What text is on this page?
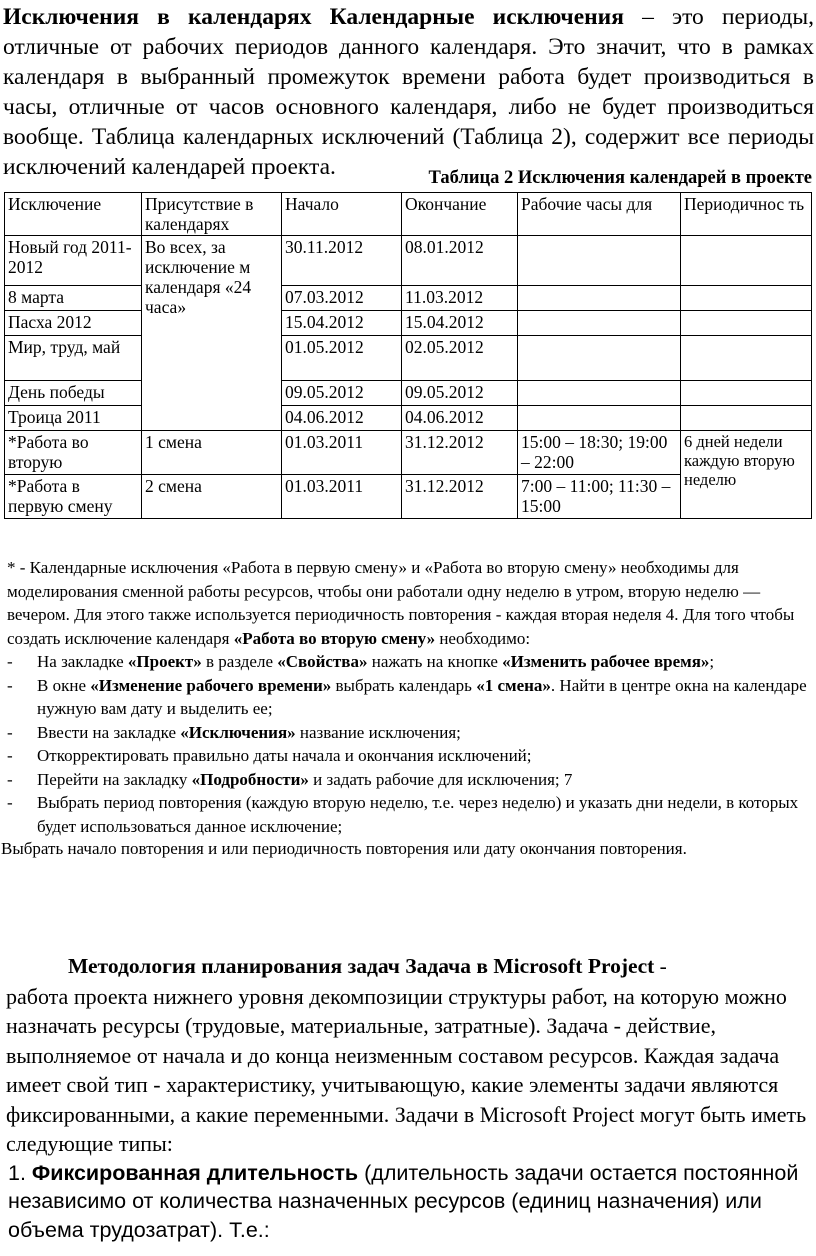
Исключения в календарях Календарные исключения – это периоды, отличные от рабочих периодов данного календаря. Это значит, что в рамках календаря в выбранный промежуток времени работа будет производиться в часы, отличные от часов основного календаря, либо не будет производиться вообще. Таблица календарных исключений (Таблица 2), содержит все периоды исключений календарей проекта.	Таблица 2 Исключения календарей в проекте
Исключение	Присутствие в календарях	Начало	Окончание	Рабочие часы для	Периодичнос ть
Новый год 2011-2012	Во всех, за исключение м календаря «24 часа»	30.11.2012	08.01.2012		
8 марта		07.03.2012	11.03.2012		
Пасха 2012		15.04.2012	15.04.2012		
Мир, труд, май		01.05.2012	02.05.2012		
День победы		09.05.2012	09.05.2012		
Троица 2011		04.06.2012	04.06.2012		
*Работа во вторую	1 смена	01.03.2011	31.12.2012	15:00 – 18:30; 19:00 – 22:00	6 дней недели каждую вторую неделю
*Работа в первую смену	2 смена	01.03.2011	31.12.2012	7:00 – 11:00; 11:30 – 15:00	

* - Календарные исключения «Работа в первую смену» и «Работа во вторую смену» необходимы для моделирования сменной работы ресурсов, чтобы они работали одну неделю в утром, вторую неделю — вечером. Для этого также используется периодичность повторения - каждая вторая неделя 4. Для того чтобы создать исключение календаря «Работа во вторую смену» необходимо:

- На закладке «Проект» в разделе «Свойства» нажать на кнопке «Изменить рабочее время»;
- В окне «Изменение рабочего времени» выбрать календарь «1 смена». Найти в центре окна на календаре нужную вам дату и выделить ее;
- Ввести на закладке «Исключения» название исключения;
- Откорректировать правильно даты начала и окончания исключений;
- Перейти на закладку «Подробности» и задать рабочие для исключения; 7
- Выбрать период повторения (каждую вторую неделю, т.е. через неделю) и указать дни недели, в которых будет использоваться данное исключение;

Выбрать начало повторения и или периодичность повторения или дату окончания повторения.

Методология планирования задач Задача в Microsoft Project -

работа проекта нижнего уровня декомпозиции структуры работ, на которую можно назначать ресурсы (трудовые, материальные, затратные). Задача - действие, выполняемое от начала и до конца неизменным составом ресурсов. Каждая задача имеет свой тип - характеристику, учитывающую, какие элементы задачи являются фиксированными, а какие переменными. Задачи в Microsoft Project могут быть иметь следующие типы:

1. Фиксированная длительность (длительность задачи остается постоянной независимо от количества назначенных ресурсов (единиц назначения) или объема трудозатрат). Т.е.:
